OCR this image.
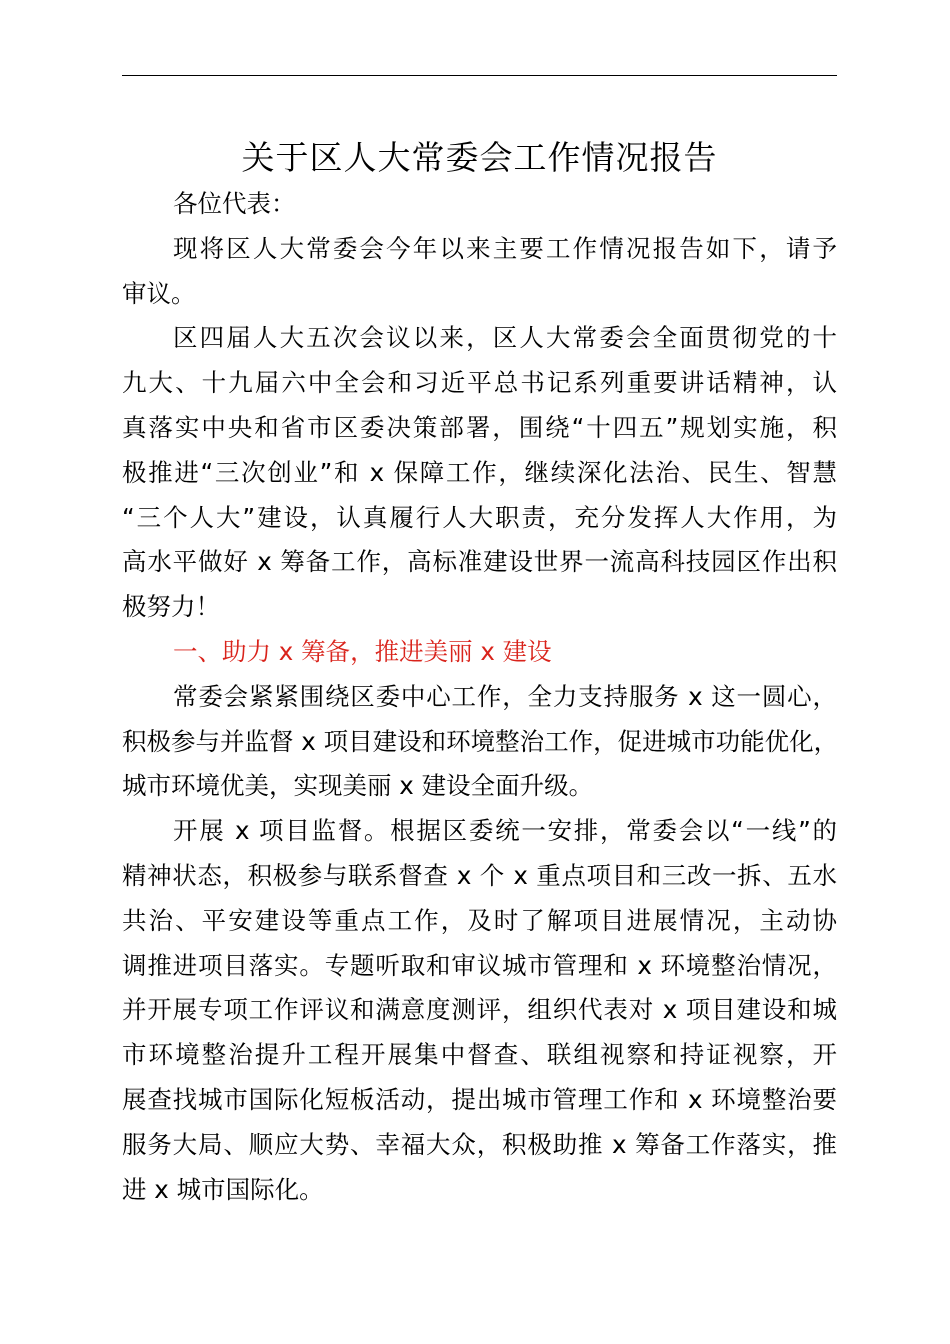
关于区人大常委会工作情况报告
各位代表：
现将区人大常委会今年以来主要工作情况报告如下，请予
审议。
区四届人大五次会议以来，区人大常委会全面贯彻党的十
九大、十九届六中全会和习近平总书记系列重要讲话精神，认
真落实中央和省市区委决策部署，围绕“十四五”规划实施，积
极推进“三次创业”和 x 保障工作，继续深化法治、民生、智慧
“三个人大”建设，认真履行人大职责，充分发挥人大作用，为
高水平做好 x 筹备工作，高标准建设世界一流高科技园区作出积
极努力！
一、助力 x 筹备，推进美丽 x 建设
常委会紧紧围绕区委中心工作，全力支持服务 x 这一圆心，
积极参与并监督 x 项目建设和环境整治工作，促进城市功能优化，
城市环境优美，实现美丽 x 建设全面升级。
开展 x 项目监督。根据区委统一安排，常委会以“一线”的
精神状态，积极参与联系督查 x 个 x 重点项目和三改一拆、五水
共治、平安建设等重点工作，及时了解项目进展情况，主动协
调推进项目落实。专题听取和审议城市管理和 x 环境整治情况，
并开展专项工作评议和满意度测评，组织代表对 x 项目建设和城
市环境整治提升工程开展集中督查、联组视察和持证视察，开
展查找城市国际化短板活动，提出城市管理工作和 x 环境整治要
服务大局、顺应大势、幸福大众，积极助推 x 筹备工作落实，推
进 x 城市国际化。
